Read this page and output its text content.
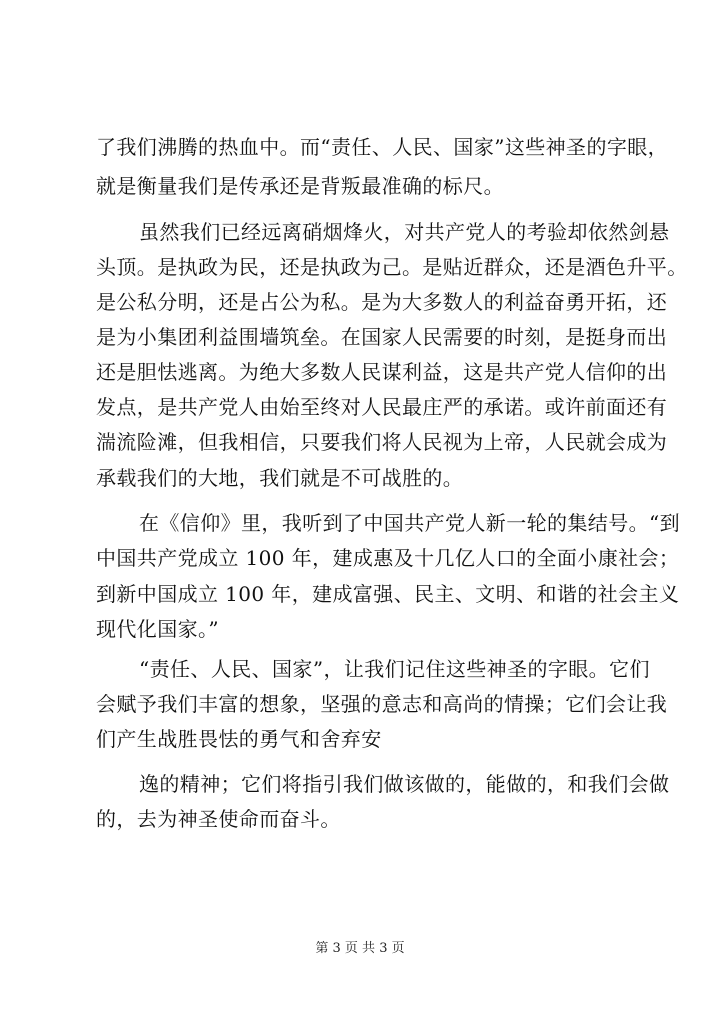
了我们沸腾的热血中。而“责任、人民、国家”这些神圣的字眼，
就是衡量我们是传承还是背叛最准确的标尺。
虽然我们已经远离硝烟烽火，对共产党人的考验却依然剑悬
头顶。是执政为民，还是执政为己。是贴近群众，还是酒色升平。
是公私分明，还是占公为私。是为大多数人的利益奋勇开拓，还
是为小集团利益围墙筑垒。在国家人民需要的时刻，是挺身而出
还是胆怯逃离。为绝大多数人民谋利益，这是共产党人信仰的出
发点，是共产党人由始至终对人民最庄严的承诺。或许前面还有
湍流险滩，但我相信，只要我们将人民视为上帝，人民就会成为
承载我们的大地，我们就是不可战胜的。
在《信仰》里，我听到了中国共产党人新一轮的集结号。“到
中国共产党成立 100 年，建成惠及十几亿人口的全面小康社会；
到新中国成立 100 年，建成富强、民主、文明、和谐的社会主义
现代化国家。”
“责任、人民、国家”，让我们记住这些神圣的字眼。它们
会赋予我们丰富的想象，坚强的意志和高尚的情操；它们会让我
们产生战胜畏怯的勇气和舍弃安
逸的精神；它们将指引我们做该做的，能做的，和我们会做
的，去为神圣使命而奋斗。
第 3 页 共 3 页
